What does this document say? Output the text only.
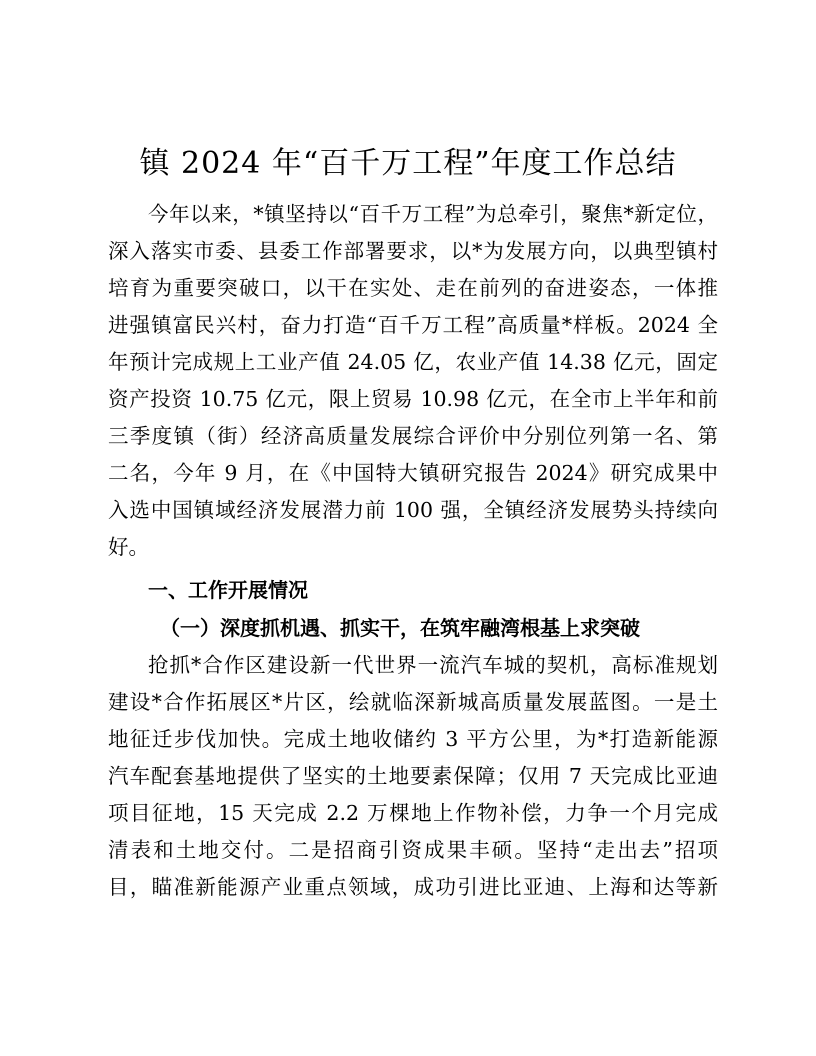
镇 2024 年“百千万工程”年度工作总结
今年以来，*镇坚持以“百千万工程”为总牵引，聚焦*新定位，
深入落实市委、县委工作部署要求，以*为发展方向，以典型镇村
培育为重要突破口，以干在实处、走在前列的奋进姿态，一体推
进强镇富民兴村，奋力打造“百千万工程”高质量*样板。2024 全
年预计完成规上工业产值 24.05 亿，农业产值 14.38 亿元，固定
资产投资 10.75 亿元，限上贸易 10.98 亿元，在全市上半年和前
三季度镇（街）经济高质量发展综合评价中分别位列第一名、第
二名，今年 9 月，在《中国特大镇研究报告 2024》研究成果中
入选中国镇域经济发展潜力前 100 强，全镇经济发展势头持续向
好。
一、工作开展情况
（一）深度抓机遇、抓实干，在筑牢融湾根基上求突破
抢抓*合作区建设新一代世界一流汽车城的契机，高标准规划
建设*合作拓展区*片区，绘就临深新城高质量发展蓝图。一是土
地征迁步伐加快。完成土地收储约 3 平方公里，为*打造新能源
汽车配套基地提供了坚实的土地要素保障；仅用 7 天完成比亚迪
项目征地，15 天完成 2.2 万棵地上作物补偿，力争一个月完成
清表和土地交付。二是招商引资成果丰硕。坚持“走出去”招项
目，瞄准新能源产业重点领域，成功引进比亚迪、上海和达等新
